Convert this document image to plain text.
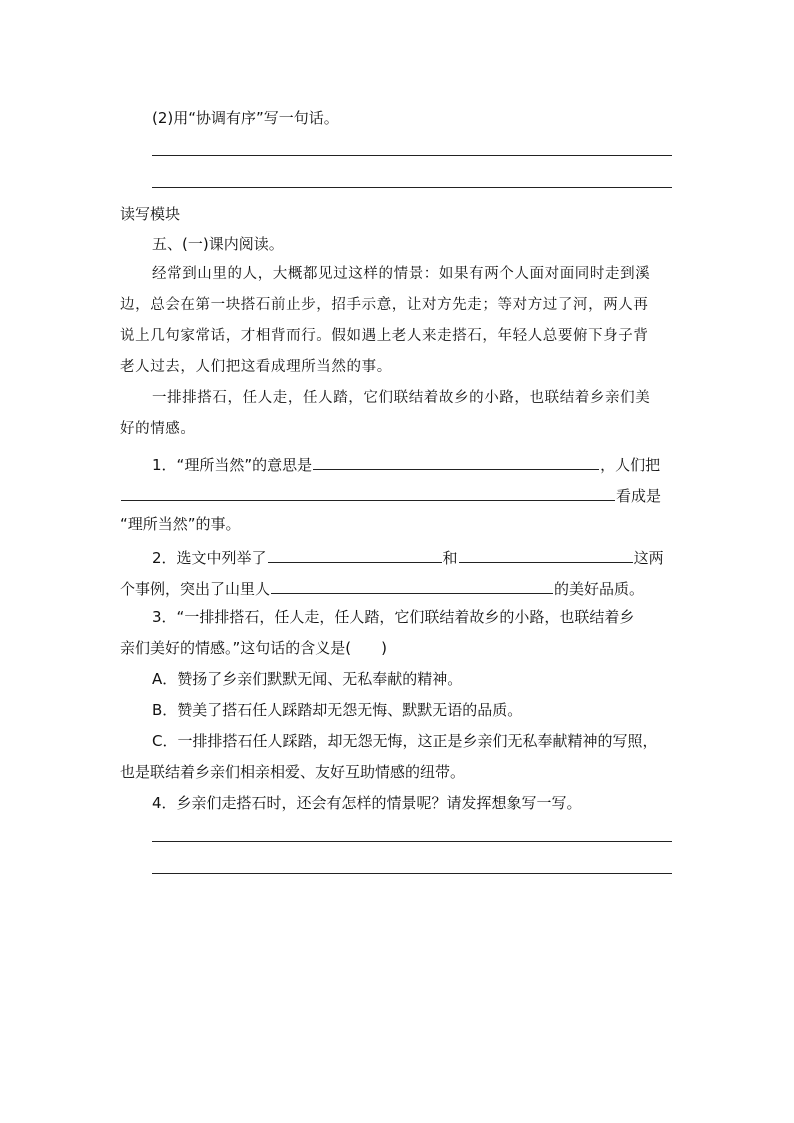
(2)用“协调有序”写一句话。
读写模块
五、(一)课内阅读。
经常到山里的人，大概都见过这样的情景：如果有两个人面对面同时走到溪
边，总会在第一块搭石前止步，招手示意，让对方先走；等对方过了河，两人再
说上几句家常话，才相背而行。假如遇上老人来走搭石，年轻人总要俯下身子背
老人过去，人们把这看成理所当然的事。
一排排搭石，任人走，任人踏，它们联结着故乡的小路，也联结着乡亲们美
好的情感。
1．“理所当然”的意思是	，人们把
看成是
“理所当然”的事。
2．选文中列举了	和	这两
个事例，突出了山里人	的美好品质。
3．“一排排搭石，任人走，任人踏，它们联结着故乡的小路，也联结着乡
亲们美好的情感。”这句话的含义是(　　)
A．赞扬了乡亲们默默无闻、无私奉献的精神。
B．赞美了搭石任人踩踏却无怨无悔、默默无语的品质。
C．一排排搭石任人踩踏，却无怨无悔，这正是乡亲们无私奉献精神的写照，
也是联结着乡亲们相亲相爱、友好互助情感的纽带。
4．乡亲们走搭石时，还会有怎样的情景呢？请发挥想象写一写。
